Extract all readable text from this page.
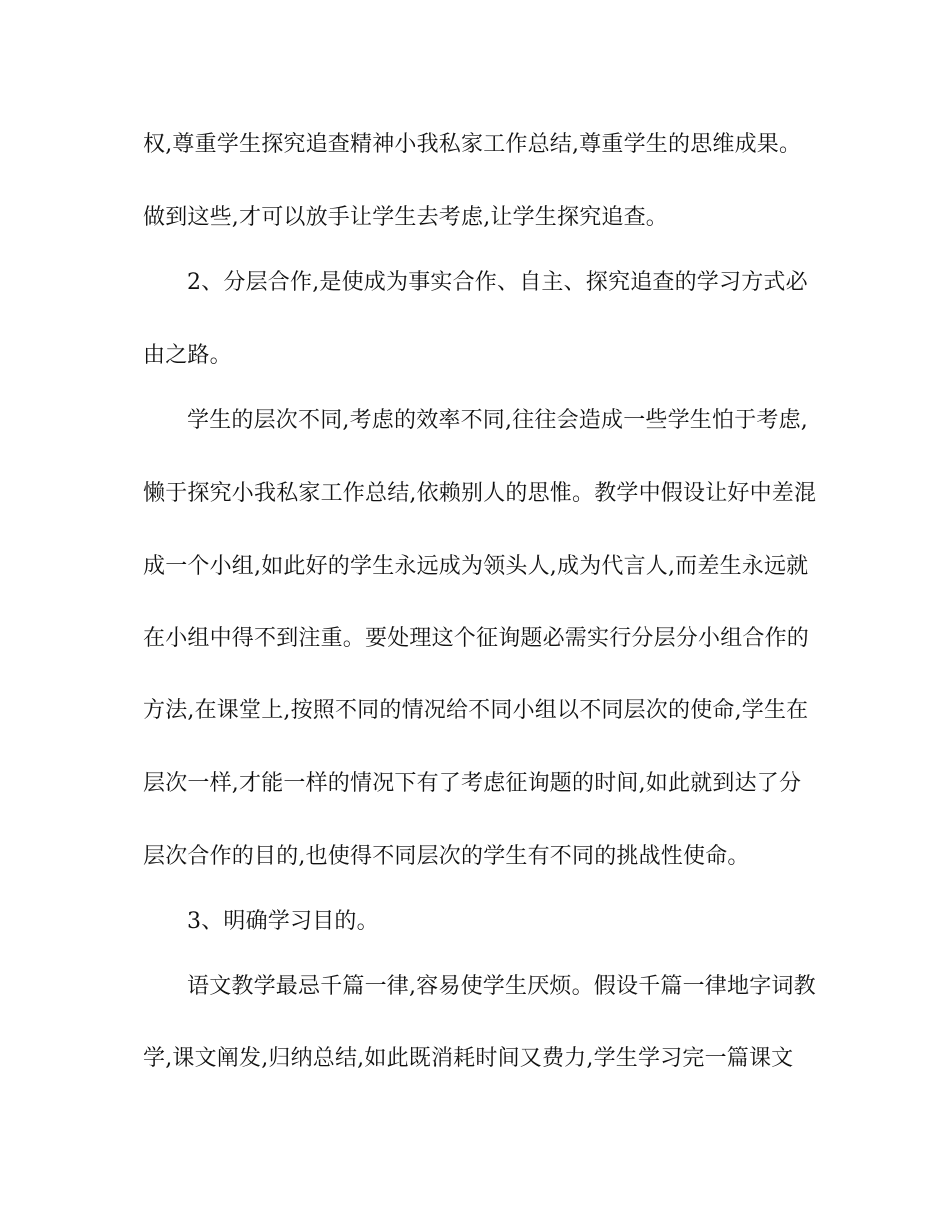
权,尊重学生探究追查精神小我私家工作总结,尊重学生的思维成果。
做到这些,才可以放手让学生去考虑,让学生探究追查。
2、分层合作,是使成为事实合作、自主、探究追查的学习方式必
由之路。
学生的层次不同,考虑的效率不同,往往会造成一些学生怕于考虑,
懒于探究小我私家工作总结,依赖别人的思惟。教学中假设让好中差混
成一个小组,如此好的学生永远成为领头人,成为代言人,而差生永远就
在小组中得不到注重。要处理这个征询题必需实行分层分小组合作的
方法,在课堂上,按照不同的情况给不同小组以不同层次的使命,学生在
层次一样,才能一样的情况下有了考虑征询题的时间,如此就到达了分
层次合作的目的,也使得不同层次的学生有不同的挑战性使命。
3、明确学习目的。
语文教学最忌千篇一律,容易使学生厌烦。假设千篇一律地字词教
学,课文阐发,归纳总结,如此既消耗时间又费力,学生学习完一篇课文
